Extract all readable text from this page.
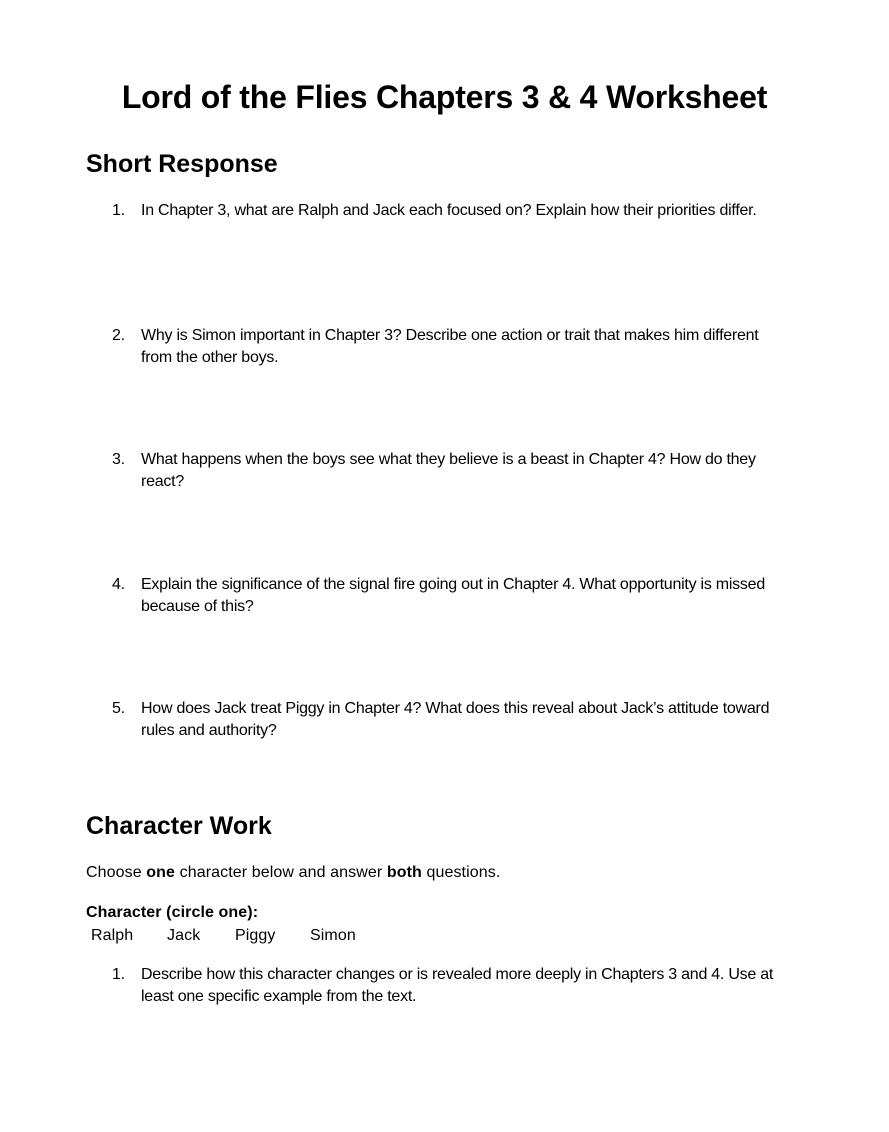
Lord of the Flies Chapters 3 & 4 Worksheet
Short Response
1.	In Chapter 3, what are Ralph and Jack each focused on? Explain how their priorities differ.
2.	Why is Simon important in Chapter 3? Describe one action or trait that makes him different from the other boys.
3.	What happens when the boys see what they believe is a beast in Chapter 4? How do they react?
4.	Explain the significance of the signal fire going out in Chapter 4. What opportunity is missed because of this?
5.	How does Jack treat Piggy in Chapter 4? What does this reveal about Jack’s attitude toward rules and authority?
Character Work
Choose one character below and answer both questions.
Character (circle one):
Ralph	Jack	Piggy	Simon
1.	Describe how this character changes or is revealed more deeply in Chapters 3 and 4. Use at least one specific example from the text.
